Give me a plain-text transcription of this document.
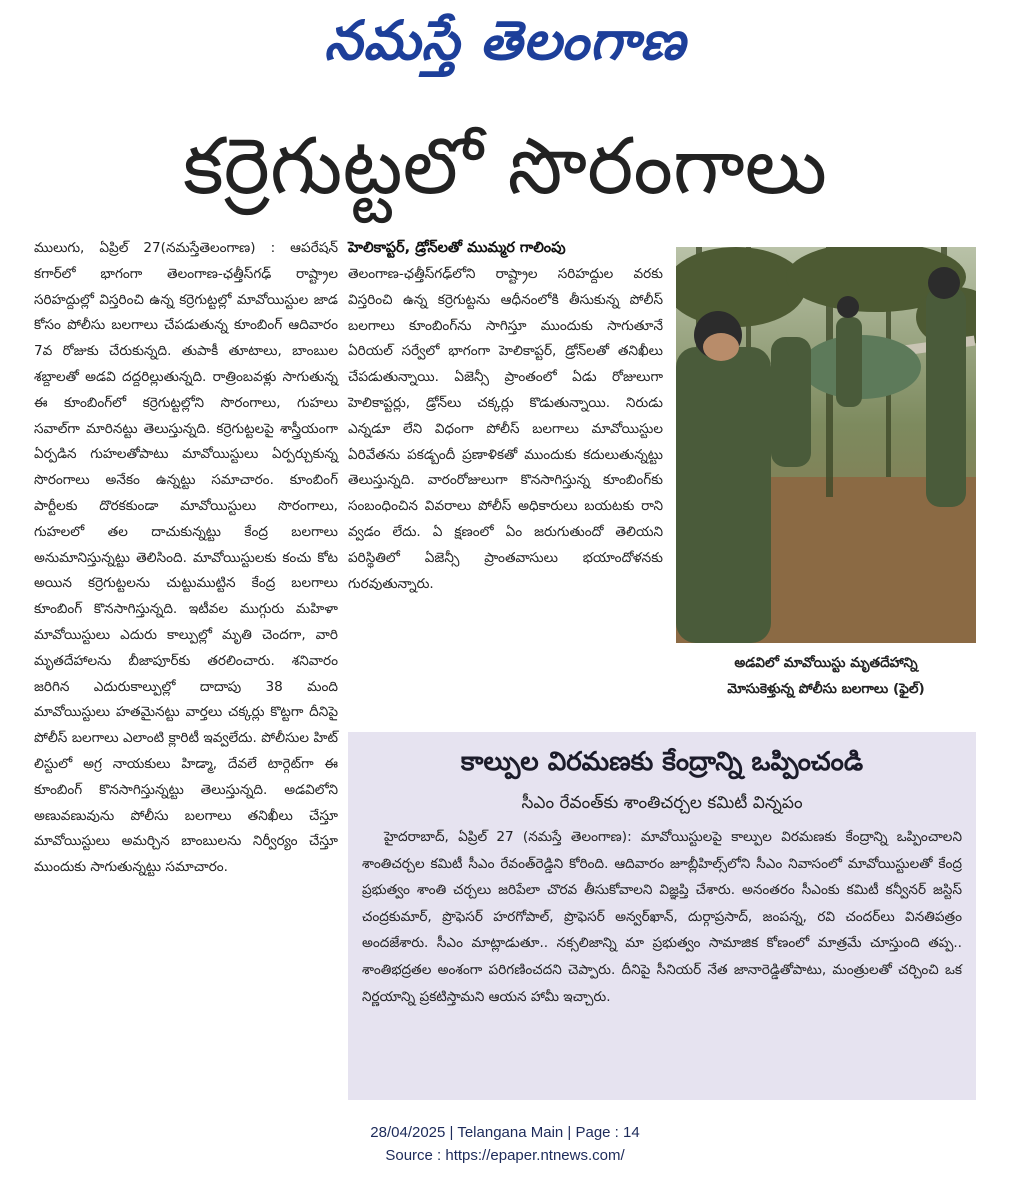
నమస్తే తెలంగాణ
కర్రెగుట్టలో సొరంగాలు
ములుగు, ఏప్రిల్ 27(నమస్తేతెలంగాణ) : ఆపరేషన్ కగార్‌లో భాగంగా తెలంగాణ-ఛత్తీస్‌గఢ్ రాష్ట్రాల సరిహద్దుల్లో విస్తరించి ఉన్న కర్రెగుట్టల్లో మావోయిస్టుల జాడ కోసం పోలీసు బలగాలు చేపడుతున్న కూంబింగ్ ఆదివారం 7వ రోజుకు చేరుకున్నది. తుపాకీ తూటాలు, బాంబుల శబ్దాలతో అడవి దద్దరిల్లుతున్నది. రాత్రింబవళ్లు సాగుతున్న ఈ కూంబింగ్‌లో కర్రెగుట్టల్లోని సొరంగాలు, గుహలు సవాల్‌గా మారినట్టు తెలుస్తున్నది. కర్రెగుట్టలపై శాస్త్రీయంగా ఏర్పడిన గుహలతోపాటు మావోయిస్టులు ఏర్పర్చుకున్న సొరంగాలు అనేకం ఉన్నట్టు సమాచారం. కూంబింగ్ పార్టీలకు దొరకకుండా మావోయిస్టులు సొరంగాలు, గుహలలో తల దాచుకున్నట్టు కేంద్ర బలగాలు అనుమానిస్తున్నట్టు తెలిసింది. మావోయిస్టులకు కంచు కోట అయిన కర్రెగుట్టలను చుట్టుముట్టిన కేంద్ర బలగాలు కూంబింగ్ కొనసాగిస్తున్నది. ఇటీవల ముగ్గురు మహిళా మావోయిస్టులు ఎదురు కాల్పుల్లో మృతి చెందగా, వారి మృతదేహాలను బీజాపూర్‌కు తరలించారు. శనివారం జరిగిన ఎదురుకాల్పుల్లో దాదాపు 38 మంది మావోయిస్టులు హతమైనట్టు వార్తలు చక్కర్లు కొట్టగా దీనిపై పోలీస్ బలగాలు ఎలాంటి క్లారిటీ ఇవ్వలేదు. పోలీసుల హిట్ లిస్టులో అగ్ర నాయకులు హిడ్మా, దేవలే టార్గెట్‌గా ఈ కూంబింగ్ కొనసాగిస్తున్నట్టు తెలుస్తున్నది. అడవిలోని అణువణువును పోలీసు బలగాలు తనిఖీలు చేస్తూ మావోయిస్టులు అమర్చిన బాంబులను నిర్వీర్యం చేస్తూ ముందుకు సాగుతున్నట్టు సమాచారం.
హెలికాప్టర్, డ్రోన్‌లతో ముమ్మర గాలింపు
తెలంగాణ-ఛత్తీస్‌గఢ్‌లోని రాష్ట్రాల సరిహద్దుల వరకు విస్తరించి ఉన్న కర్రెగుట్టను ఆధీనంలోకి తీసుకున్న పోలీస్ బలగాలు కూంబింగ్‌ను సాగిస్తూ ముందుకు సాగుతూనే ఏరియల్ సర్వేలో భాగంగా హెలికాప్టర్, డ్రోన్‌లతో తనిఖీలు చేపడుతున్నాయి. ఏజెన్సీ ప్రాంతంలో ఏడు రోజులుగా హెలికాప్టర్లు, డ్రోన్‌లు చక్కర్లు కొడుతున్నాయి. నిరుడు ఎన్నడూ లేని విధంగా పోలీస్ బలగాలు మావోయిస్టుల ఏరివేతను పకడ్బందీ ప్రణాళికతో ముందుకు కదులుతున్నట్టు తెలుస్తున్నది. వారంరోజులుగా కొనసాగిస్తున్న కూంబింగ్‌కు సంబంధించిన వివరాలు పోలీస్ అధికారులు బయటకు రాని వ్వడం లేదు. ఏ క్షణంలో ఏం జరుగుతుందో తెలియని పరిస్థితిలో ఏజెన్సీ ప్రాంతవాసులు భయాందోళనకు గురవుతున్నారు.
అడవిలో మావోయిస్టు మృతదేహాన్ని
మోసుకెళ్తున్న పోలీసు బలగాలు (ఫైల్)
కాల్పుల విరమణకు కేంద్రాన్ని ఒప్పించండి
సీఎం రేవంత్‌కు శాంతిచర్చల కమిటీ విన్నపం
హైదరాబాద్, ఏప్రిల్ 27 (నమస్తే తెలంగాణ): మావోయిస్టులపై కాల్పుల విరమణకు కేంద్రాన్ని ఒప్పించాలని శాంతిచర్చల కమిటీ సీఎం రేవంత్‌రెడ్డిని కోరింది. ఆదివారం జూబ్లీహిల్స్‌లోని సీఎం నివాసంలో మావోయిస్టులతో కేంద్ర ప్రభుత్వం శాంతి చర్చలు జరిపేలా చొరవ తీసుకోవాలని విజ్ఞప్తి చేశారు. అనంతరం సీఎంకు కమిటీ కన్వీనర్ జస్టిస్ చంద్రకుమార్, ప్రొఫెసర్ హరగోపాల్, ప్రొఫెసర్ అన్వర్‌ఖాన్, దుర్గాప్రసాద్, జంపన్న, రవి చందర్‌లు వినతిపత్రం అందజేశారు. సీఎం మాట్లాడుతూ.. నక్సలిజాన్ని మా ప్రభుత్వం సామాజిక కోణంలో మాత్రమే చూస్తుంది తప్ప.. శాంతిభద్రతల అంశంగా పరిగణించదని చెప్పారు. దీనిపై సీనియర్ నేత జానారెడ్డితోపాటు, మంత్రులతో చర్చించి ఒక నిర్ణయాన్ని ప్రకటిస్తామని ఆయన హామీ ఇచ్చారు.
28/04/2025 | Telangana Main | Page : 14
Source : https://epaper.ntnews.com/
